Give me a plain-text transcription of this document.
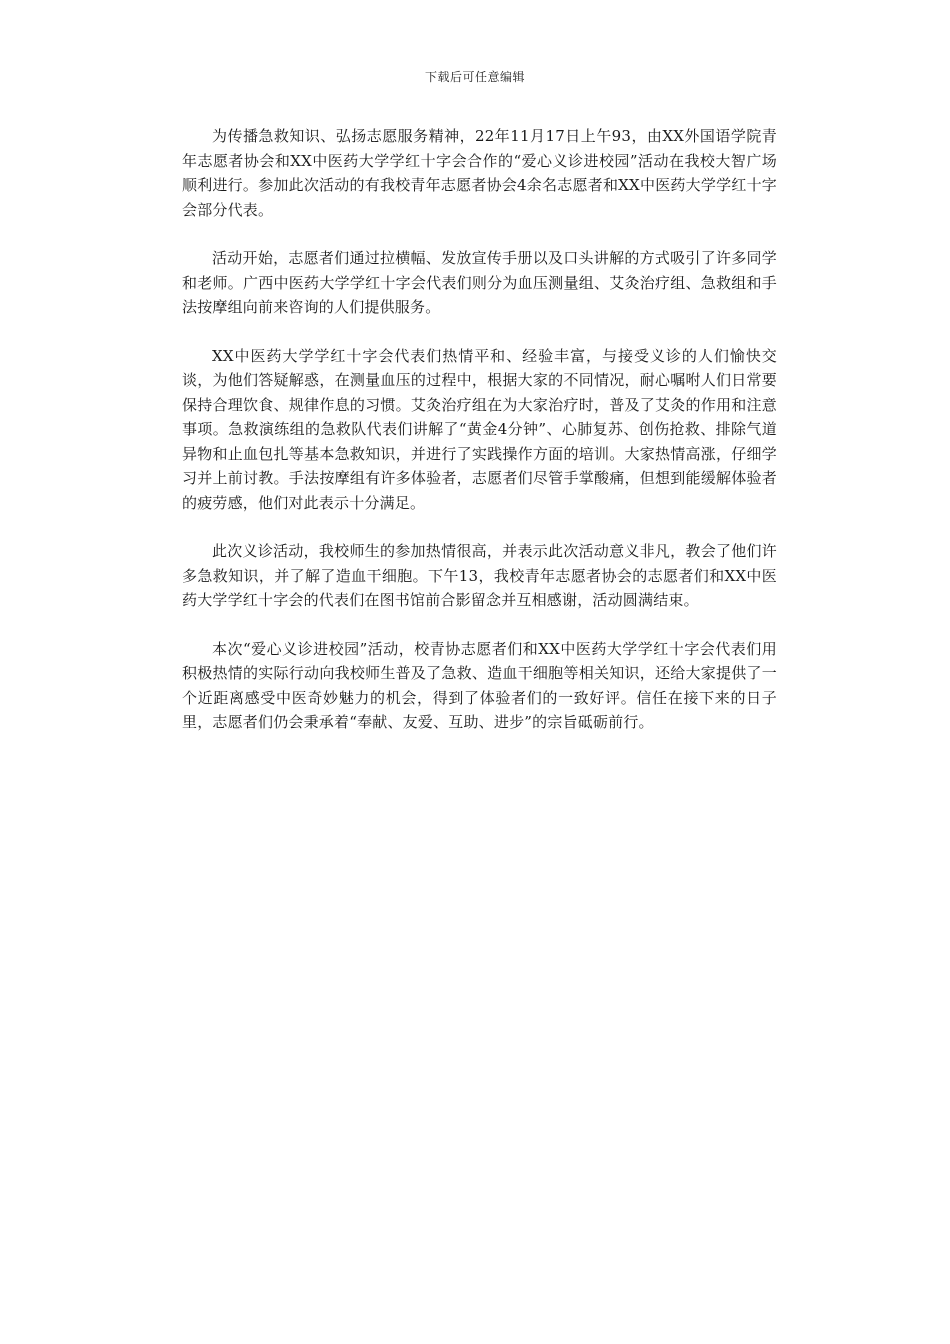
下载后可任意编辑

为传播急救知识、弘扬志愿服务精神，22年11月17日上午93，由XX外国语学院青年志愿者协会和XX中医药大学学红十字会合作的“爱心义诊进校园”活动在我校大智广场顺利进行。参加此次活动的有我校青年志愿者协会4余名志愿者和XX中医药大学学红十字会部分代表。

活动开始，志愿者们通过拉横幅、发放宣传手册以及口头讲解的方式吸引了许多同学和老师。广西中医药大学学红十字会代表们则分为血压测量组、艾灸治疗组、急救组和手法按摩组向前来咨询的人们提供服务。

XX中医药大学学红十字会代表们热情平和、经验丰富，与接受义诊的人们愉快交谈，为他们答疑解惑，在测量血压的过程中，根据大家的不同情况，耐心嘱咐人们日常要保持合理饮食、规律作息的习惯。艾灸治疗组在为大家治疗时，普及了艾灸的作用和注意事项。急救演练组的急救队代表们讲解了“黄金4分钟”、心肺复苏、创伤抢救、排除气道异物和止血包扎等基本急救知识，并进行了实践操作方面的培训。大家热情高涨，仔细学习并上前讨教。手法按摩组有许多体验者，志愿者们尽管手掌酸痛，但想到能缓解体验者的疲劳感，他们对此表示十分满足。

此次义诊活动，我校师生的参加热情很高，并表示此次活动意义非凡，教会了他们许多急救知识，并了解了造血干细胞。下午13，我校青年志愿者协会的志愿者们和XX中医药大学学红十字会的代表们在图书馆前合影留念并互相感谢，活动圆满结束。

本次“爱心义诊进校园”活动，校青协志愿者们和XX中医药大学学红十字会代表们用积极热情的实际行动向我校师生普及了急救、造血干细胞等相关知识，还给大家提供了一个近距离感受中医奇妙魅力的机会，得到了体验者们的一致好评。信任在接下来的日子里，志愿者们仍会秉承着“奉献、友爱、互助、进步”的宗旨砥砺前行。
